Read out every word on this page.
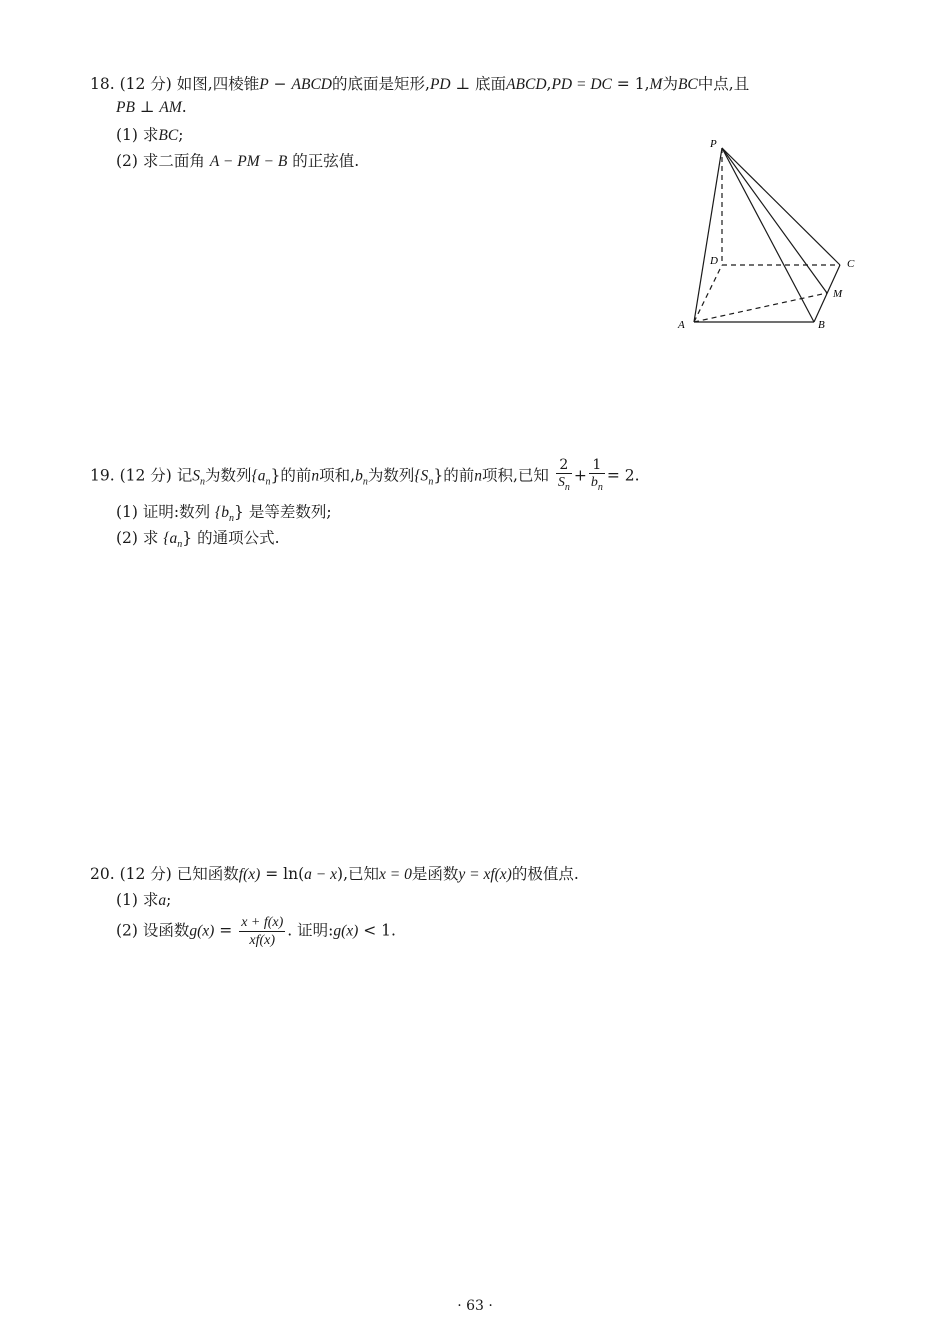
18. (12 分) 如图,四棱锥P − ABCD的底面是矩形,PD ⊥ 底面ABCD,PD = DC = 1,M为BC中点,且
PB ⊥ AM.
(1) 求BC;
(2) 求二面角 A − PM − B 的正弦值.
P
D	C
M
A	B
19. (12 分) 记$S_n$为数列$\{a_n\}$的前n项和$,b_n$为数列$\{S_n\}$的前n项积,已知 $\frac{2}{S_n} + \frac{1}{b_n} = 2$.
(1) 证明:数列 $\{b_n\}$ 是等差数列;
(2) 求 $\{a_n\}$ 的通项公式.
20. (12 分) 已知函数f(x) = ln(a − x),已知x = 0是函数y = xf(x)的极值点.
(1) 求a;
(2) 设函数$g(x) = \frac{x + f(x)}{xf(x)}$ . 证明:g(x) < 1.
· 63 ·
